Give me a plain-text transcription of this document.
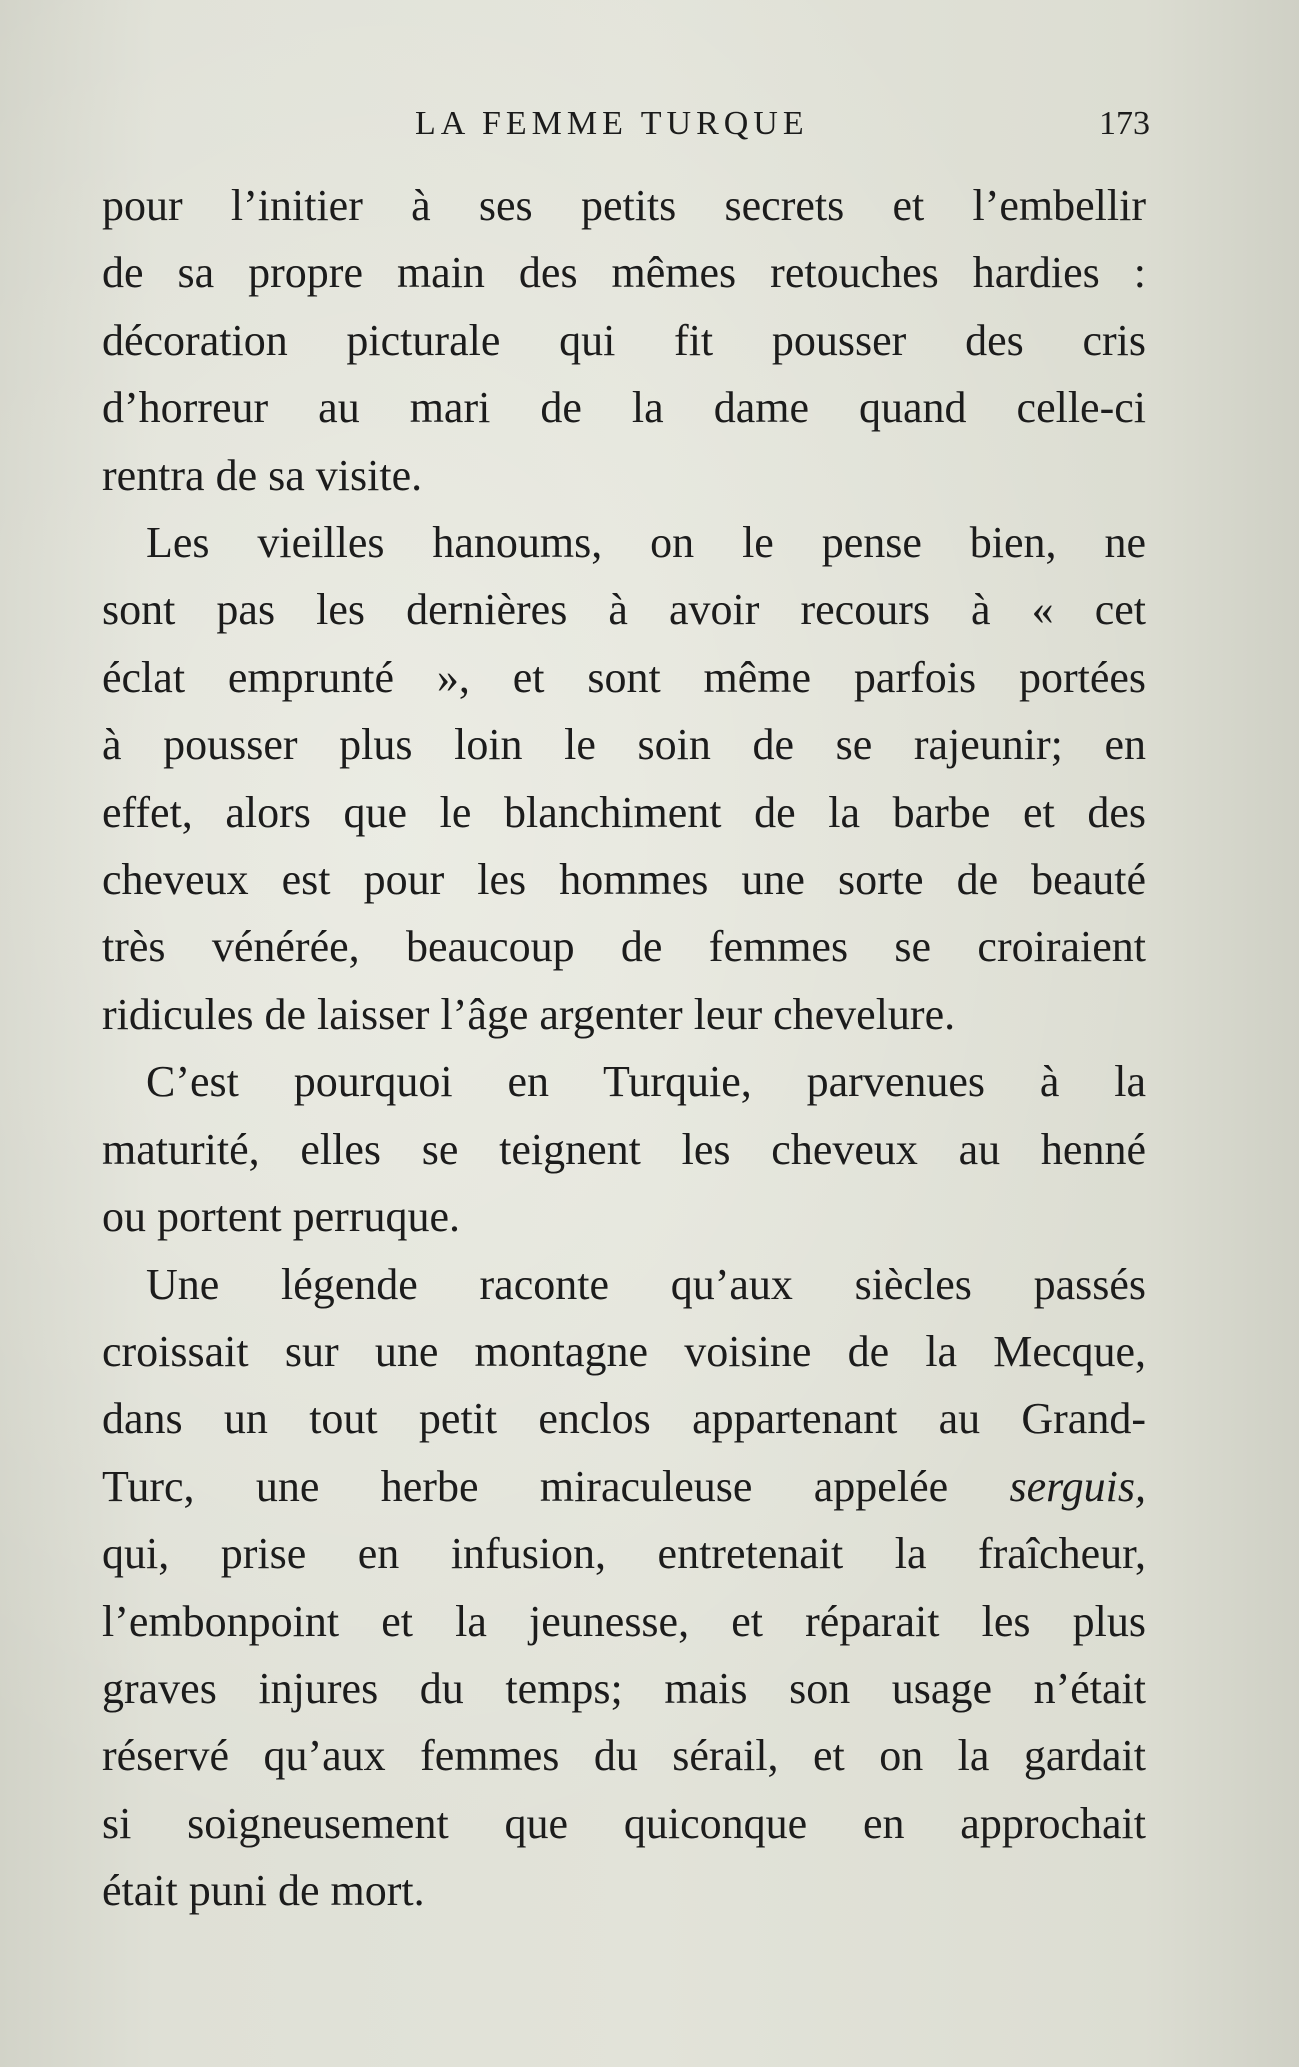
LA FEMME TURQUE	173

pour l’initier à ses petits secrets et l’embellir
de sa propre main des mêmes retouches hardies :
décoration picturale qui fit pousser des cris
d’horreur au mari de la dame quand celle-ci
rentra de sa visite.

Les vieilles hanoums, on le pense bien, ne
sont pas les dernières à avoir recours à « cet
éclat emprunté », et sont même parfois portées
à pousser plus loin le soin de se rajeunir; en
effet, alors que le blanchiment de la barbe et des
cheveux est pour les hommes une sorte de beauté
très vénérée, beaucoup de femmes se croiraient
ridicules de laisser l’âge argenter leur chevelure.

C’est pourquoi en Turquie, parvenues à la
maturité, elles se teignent les cheveux au henné
ou portent perruque.

Une légende raconte qu’aux siècles passés
croissait sur une montagne voisine de la Mecque,
dans un tout petit enclos appartenant au Grand-
Turc, une herbe miraculeuse appelée serguis,
qui, prise en infusion, entretenait la fraîcheur,
l’embonpoint et la jeunesse, et réparait les plus
graves injures du temps; mais son usage n’était
réservé qu’aux femmes du sérail, et on la gardait
si soigneusement que quiconque en approchait
était puni de mort.
